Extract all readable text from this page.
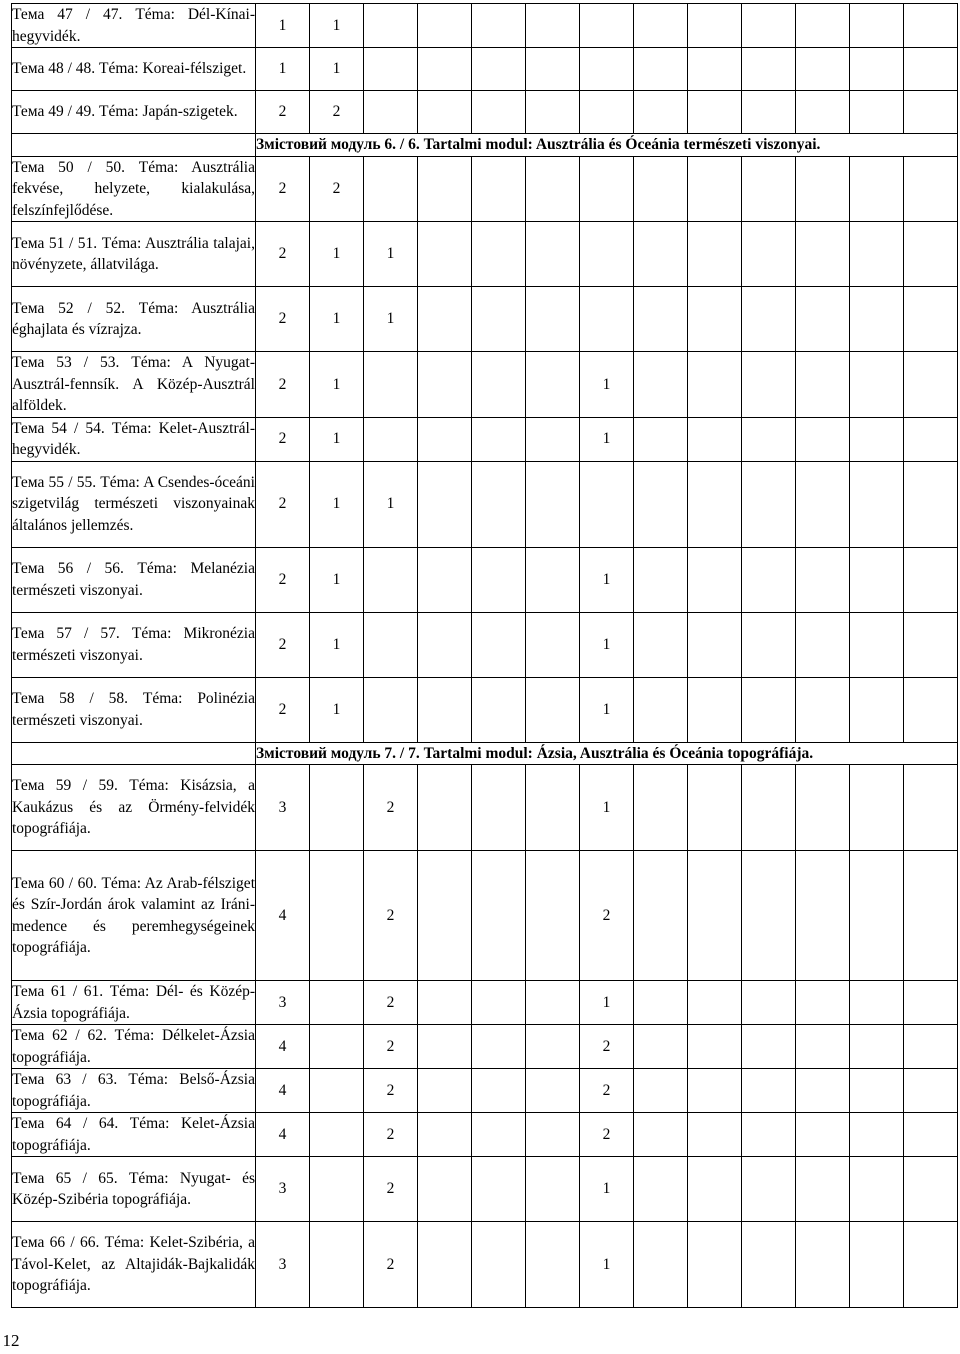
Тема 47 / 47. Téma: Dél-Kínai-hegyvidék.	1	1											
Тема 48 / 48. Téma: Koreai-félsziget.	1	1											
Тема 49 / 49. Téma: Japán-szigetek.	2	2											
	Змістовий модуль 6. / 6. Tartalmi modul: Ausztrália és Óceánia természeti viszonyai.												
Тема 50 / 50. Téma: Ausztrália fekvése, helyzete, kialakulása, felszínfejlődése.	2	2											
Тема 51 / 51. Téma: Ausztrália talajai, növényzete, állatvilága.	2	1	1										
Тема 52 / 52. Téma: Ausztrália éghajlata és vízrajza.	2	1	1										
Тема 53 / 53. Téma: A Nyugat-Ausztrál-fennsík. A Közép-Ausztrál alföldek.	2	1					1						
Тема 54 / 54. Téma: Kelet-Ausztrál-hegyvidék.	2	1					1						
Тема 55 / 55. Téma: A Csendes-óceáni szigetvilág természeti viszonyainak általános jellemzés.	2	1	1										
Тема 56 / 56. Téma: Melanézia természeti viszonyai.	2	1					1						
Тема 57 / 57. Téma: Mikronézia természeti viszonyai.	2	1					1						
Тема 58 / 58. Téma: Polinézia természeti viszonyai.	2	1					1						
	Змістовий модуль 7. / 7. Tartalmi modul: Ázsia, Ausztrália és Óceánia topográfiája.												
Тема 59 / 59. Téma: Kisázsia, a Kaukázus és az Örmény-felvidék topográfiája.	3		2				1						
Тема 60 / 60. Téma: Az Arab-félsziget és Szír-Jordán árok valamint az Iráni-medence és peremhegységeinek topográfiája.	4		2				2						
Тема 61 / 61. Téma: Dél- és Közép-Ázsia topográfiája.	3		2				1						
Тема 62 / 62. Téma: Délkelet-Ázsia topográfiája.	4		2				2						
Тема 63 / 63. Téma: Belső-Ázsia topográfiája.	4		2				2						
Тема 64 / 64. Téma: Kelet-Ázsia topográfiája.	4		2				2						
Тема 65 / 65. Téma: Nyugat- és Közép-Szibéria topográfiája.	3		2				1						
Тема 66 / 66. Téma: Kelet-Szibéria, a Távol-Kelet, az Altajidák-Bajkalidák topográfiája.	3		2				1						
12
